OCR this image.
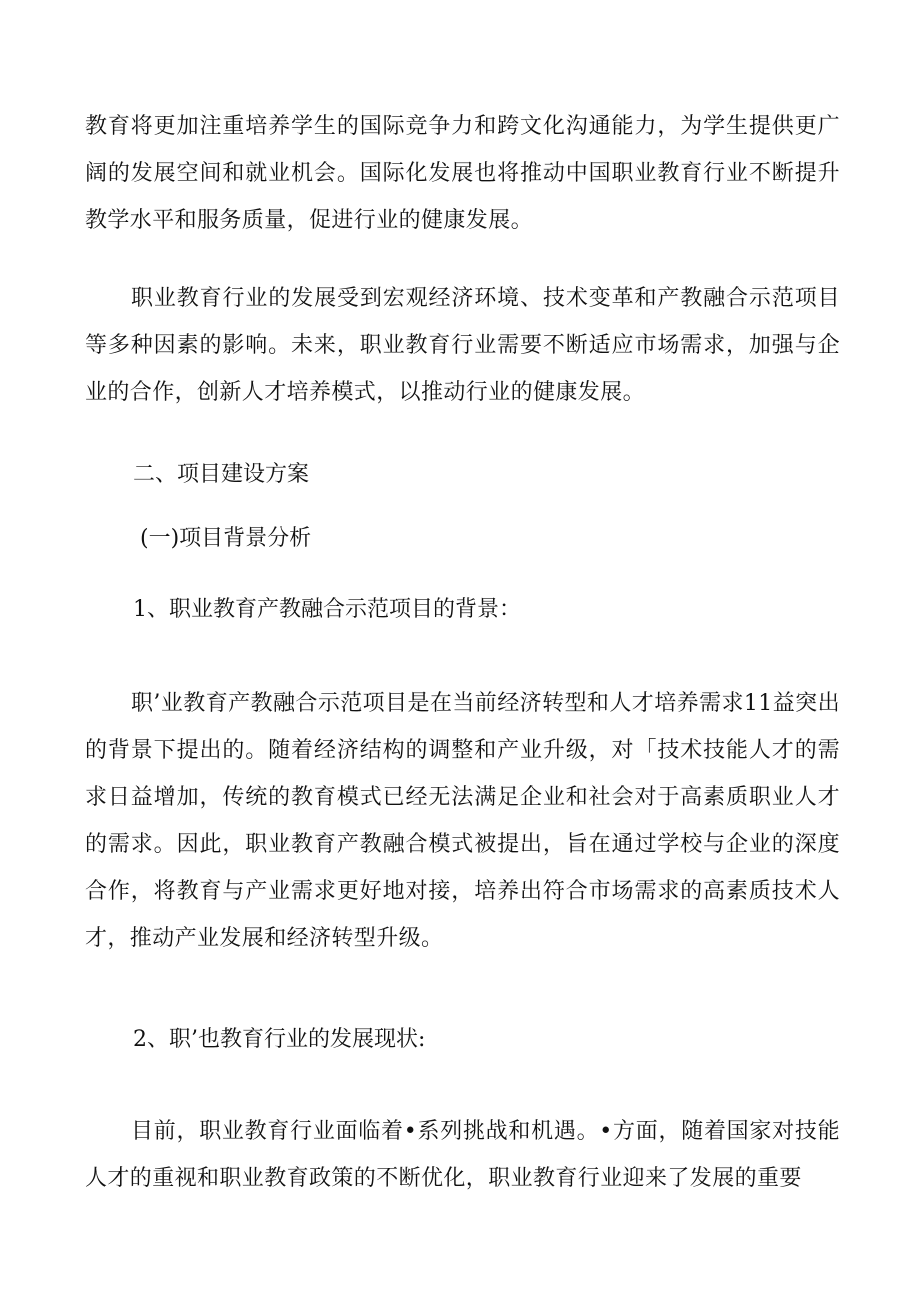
教育将更加注重培养学生的国际竞争力和跨文化沟通能力，为学生提供更广阔的发展空间和就业机会。国际化发展也将推动中国职业教育行业不断提升教学水平和服务质量，促进行业的健康发展。

职业教育行业的发展受到宏观经济环境、技术变革和产教融合示范项目等多种因素的影响。未来，职业教育行业需要不断适应市场需求，加强与企业的合作，创新人才培养模式，以推动行业的健康发展。

二、项目建设方案
(一)项目背景分析
1、职业教育产教融合示范项目的背景：

职’业教育产教融合示范项目是在当前经济转型和人才培养需求11益突出的背景下提出的。随着经济结构的调整和产业升级，对「技术技能人才的需求日益增加，传统的教育模式已经无法满足企业和社会对于高素质职业人才的需求。因此，职业教育产教融合模式被提出，旨在通过学校与企业的深度合作，将教育与产业需求更好地对接，培养出符合市场需求的高素质技术人才，推动产业发展和经济转型升级。

2、职’也教育行业的发展现状:

目前，职业教育行业面临着•系列挑战和机遇。•方面，随着国家对技能人才的重视和职业教育政策的不断优化，职业教育行业迎来了发展的重要
